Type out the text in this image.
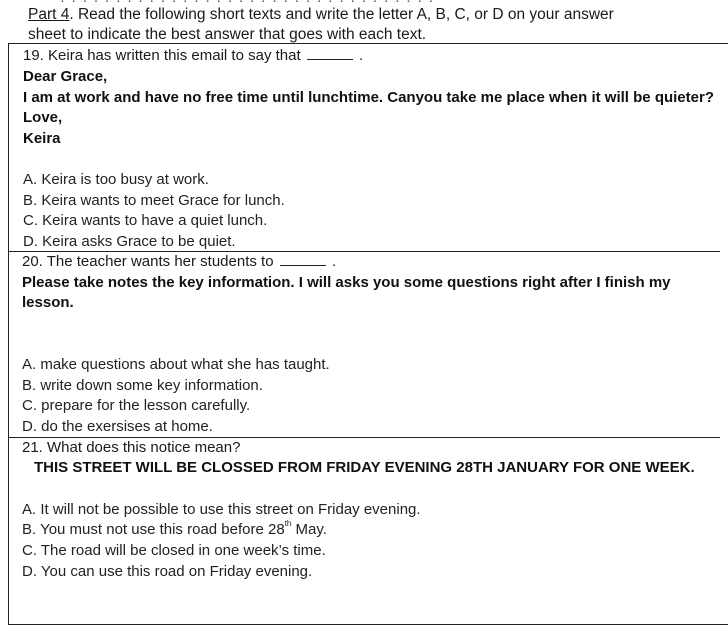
· · · · · · · · · · · · · · · · · · · · · · · · · · · · · · · · · ·
Part 4. Read the following short texts and write the letter A, B, C, or D on your answer
sheet to indicate the best answer that goes with each text.
19. Keira has written this email to say that	.
Dear Grace,
I am at work and have no free time until lunchtime. Canyou take me place when it will be quieter?
Love,
Keira
A. Keira is too busy at work.
B. Keira wants to meet Grace for lunch.
C. Keira wants to have a quiet lunch.
D. Keira asks Grace to be quiet.
20. The teacher wants her students to	.
Please take notes the key information. I will asks you some questions right after I finish my
lesson.
A. make questions about what she has taught.
B. write down some key information.
C. prepare for the lesson carefully.
D. do the exersises at home.
21. What does this notice mean?
THIS STREET WILL BE CLOSSED FROM FRIDAY EVENING 28TH JANUARY FOR ONE WEEK.
A. It will not be possible to use this street on Friday evening.
B. You must not use this road before 28th May.
C. The road will be closed in one week’s time.
D. You can use this road on Friday evening.
